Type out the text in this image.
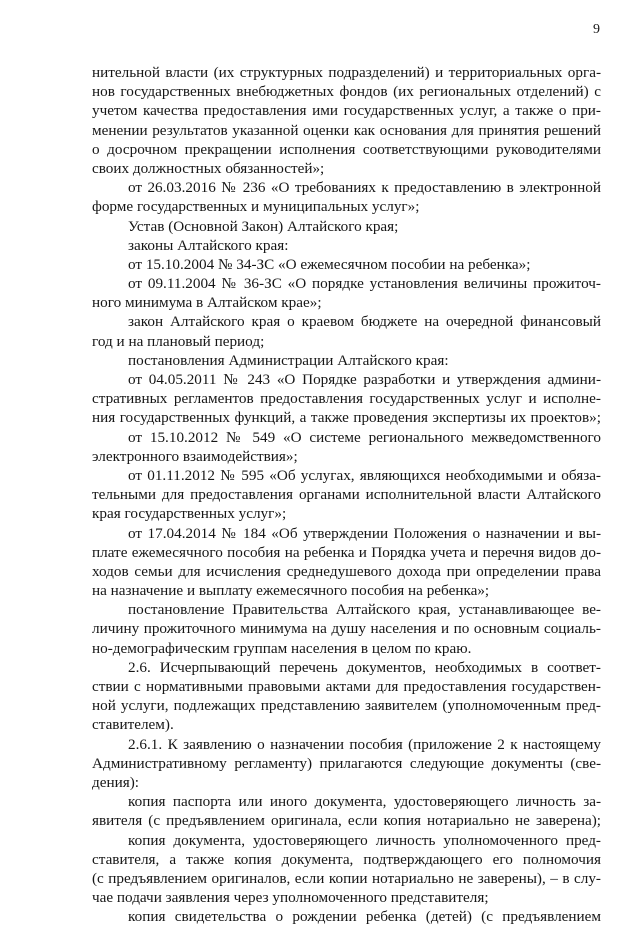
9
нительной власти (их структурных подразделений) и территориальных орга-
нов государственных внебюджетных фондов (их региональных отделений) с
учетом качества предоставления ими государственных услуг, а также о при-
менении результатов указанной оценки как основания для принятия решений
о досрочном прекращении исполнения соответствующими руководителями
своих должностных обязанностей»;
от 26.03.2016 № 236 «О требованиях к предоставлению в электронной
форме государственных и муниципальных услуг»;
Устав (Основной Закон) Алтайского края;
законы Алтайского края:
от 15.10.2004 № 34-ЗС «О ежемесячном пособии на ребенка»;
от 09.11.2004 № 36-ЗС «О порядке установления величины прожиточ-
ного минимума в Алтайском крае»;
закон Алтайского края о краевом бюджете на очередной финансовый
год и на плановый период;
постановления Администрации Алтайского края:
от 04.05.2011 № 243 «О Порядке разработки и утверждения админи-
стративных регламентов предоставления государственных услуг и исполне-
ния государственных функций, а также проведения экспертизы их проектов»;
от 15.10.2012 № 549 «О системе регионального межведомственного
электронного взаимодействия»;
от 01.11.2012 № 595 «Об услугах, являющихся необходимыми и обяза-
тельными для предоставления органами исполнительной власти Алтайского
края государственных услуг»;
от 17.04.2014 № 184 «Об утверждении Положения о назначении и вы-
плате ежемесячного пособия на ребенка и Порядка учета и перечня видов до-
ходов семьи для исчисления среднедушевого дохода при определении права
на назначение и выплату ежемесячного пособия на ребенка»;
постановление Правительства Алтайского края, устанавливающее ве-
личину прожиточного минимума на душу населения и по основным социаль-
но-демографическим группам населения в целом по краю.
2.6. Исчерпывающий перечень документов, необходимых в соответ-
ствии с нормативными правовыми актами для предоставления государствен-
ной услуги, подлежащих представлению заявителем (уполномоченным пред-
ставителем).
2.6.1. К заявлению о назначении пособия (приложение 2 к настоящему
Административному регламенту) прилагаются следующие документы (све-
дения):
копия паспорта или иного документа, удостоверяющего личность за-
явителя (с предъявлением оригинала, если копия нотариально не заверена);
копия документа, удостоверяющего личность уполномоченного пред-
ставителя, а также копия документа, подтверждающего его полномочия
(с предъявлением оригиналов, если копии нотариально не заверены), – в слу-
чае подачи заявления через уполномоченного представителя;
копия свидетельства о рождении ребенка (детей) (с предъявлением
